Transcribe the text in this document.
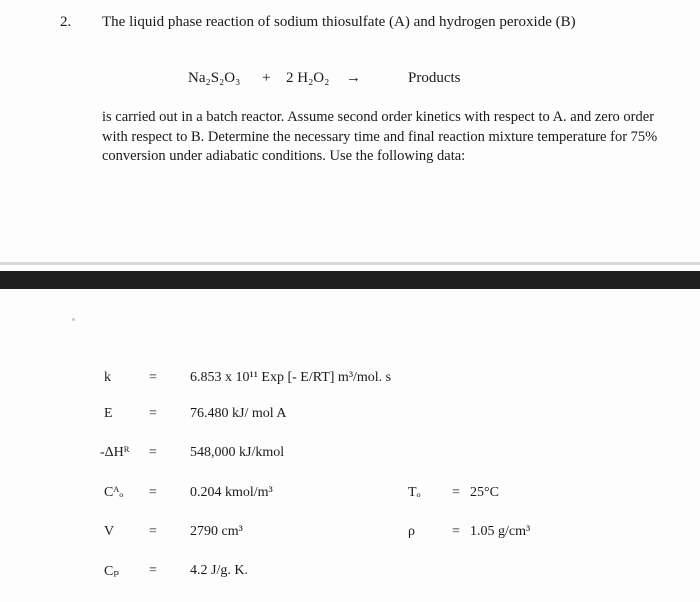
2. The liquid phase reaction of sodium thiosulfate (A) and hydrogen peroxide (B)
Na₂S₂O₃ + 2 H₂O₂ →	Products
is carried out in a batch reactor. Assume second order kinetics with respect to A. and zero order with respect to B. Determine the necessary time and final reaction mixture temperature for 75% conversion under adiabatic conditions. Use the following data:
k	= 6.853 x 10¹¹ Exp [- E/RT] m³/mol. s
E	= 76.480 kJ/ mol A
-ΔHᴿ = 548,000 kJ/kmol
Cᴬₒ = 0.204 kmol/m³	Tₒ = 25°C
V = 2790 cm³	ρ	= 1.05 g/cm³
Cₚ = 4.2 J/g. K.
